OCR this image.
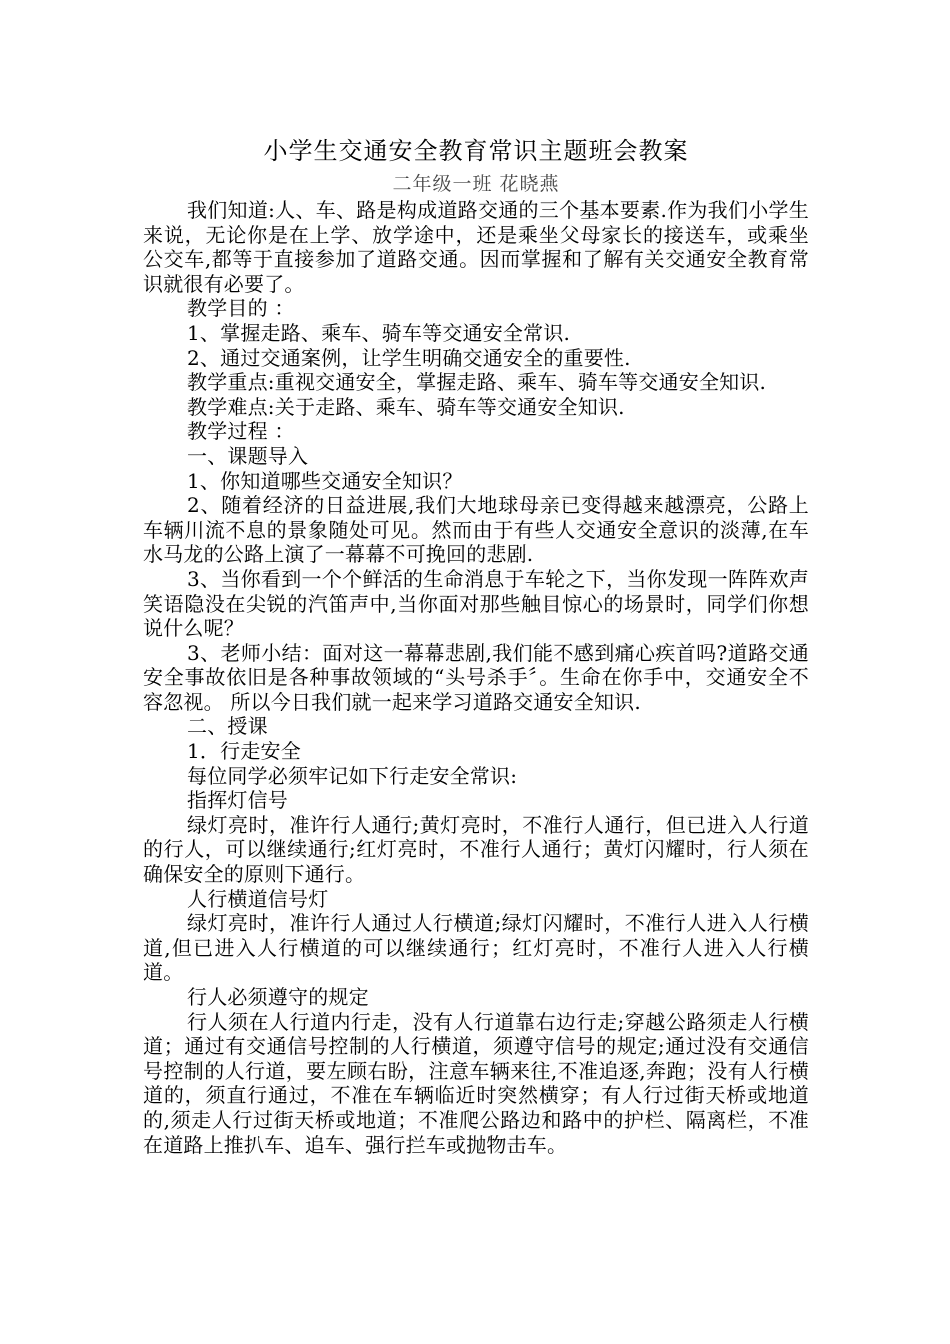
小学生交通安全教育常识主题班会教案
二年级一班 花晓燕

我们知道:人、车、路是构成道路交通的三个基本要素.作为我们小学生来说，无论你是在上学、放学途中，还是乘坐父母家长的接送车，或乘坐公交车,都等于直接参加了道路交通。因而掌握和了解有关交通安全教育常识就很有必要了。

教学目的 ：

1、掌握走路、乘车、骑车等交通安全常识.

2、通过交通案例，让学生明确交通安全的重要性.

教学重点:重视交通安全，掌握走路、乘车、骑车等交通安全知识.

教学难点:关于走路、乘车、骑车等交通安全知识.

教学过程 ：

一、课题导入

1、你知道哪些交通安全知识？

2、随着经济的日益进展,我们大地球母亲已变得越来越漂亮，公路上车辆川流不息的景象随处可见。然而由于有些人交通安全意识的淡薄,在车水马龙的公路上演了一幕幕不可挽回的悲剧.

3、当你看到一个个鲜活的生命消息于车轮之下，当你发现一阵阵欢声笑语隐没在尖锐的汽笛声中,当你面对那些触目惊心的场景时，同学们你想说什么呢？

3、老师小结：面对这一幕幕悲剧,我们能不感到痛心疾首吗?道路交通安全事故依旧是各种事故领域的“头号杀手〞。生命在你手中，交通安全不容忽视。 所以今日我们就一起来学习道路交通安全知识.

二、授课

1．行走安全

每位同学必须牢记如下行走安全常识:

指挥灯信号

绿灯亮时，准许行人通行;黄灯亮时，不准行人通行，但已进入人行道的行人，可以继续通行;红灯亮时，不准行人通行；黄灯闪耀时，行人须在确保安全的原则下通行。

人行横道信号灯

绿灯亮时，准许行人通过人行横道;绿灯闪耀时，不准行人进入人行横道,但已进入人行横道的可以继续通行；红灯亮时，不准行人进入人行横道。

行人必须遵守的规定

行人须在人行道内行走，没有人行道靠右边行走;穿越公路须走人行横道；通过有交通信号控制的人行横道，须遵守信号的规定;通过没有交通信号控制的人行道，要左顾右盼，注意车辆来往,不准追逐,奔跑；没有人行横道的，须直行通过，不准在车辆临近时突然横穿；有人行过街天桥或地道的,须走人行过街天桥或地道；不准爬公路边和路中的护栏、隔离栏，不准在道路上推扒车、追车、强行拦车或抛物击车。
